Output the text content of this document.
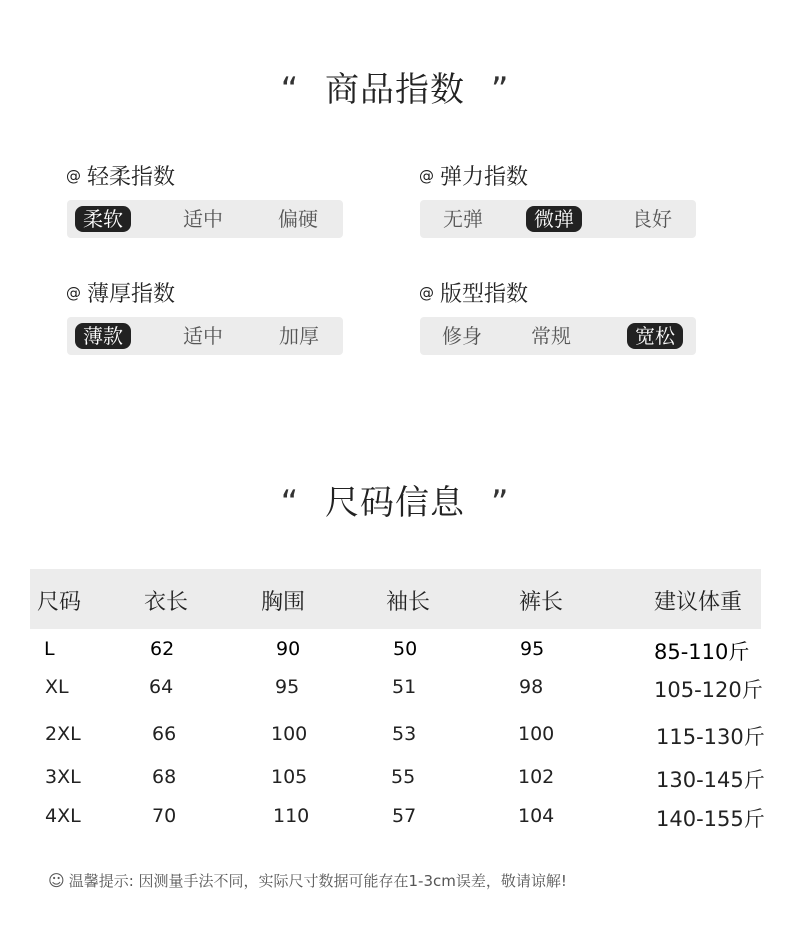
“ 商品指数 ”
@ 轻柔指数
柔软	适中	偏硬
@ 弹力指数
无弹	微弹	良好
@ 薄厚指数
薄款	适中	加厚
@ 版型指数
修身 常规	宽松
“ 尺码信息 ”
尺码	衣长	胸围	袖长	裤长	建议体重
L	62	90	50	95	85-110斤
XL	64	95	51	98	105-120斤
2XL	66	100	53	100	115-130斤
3XL	68	105	55	102	130-145斤
4XL	70	110	57	104	140-155斤
☺ 温馨提示: 因测量手法不同，实际尺寸数据可能存在1-3cm误差，敬请谅解!
